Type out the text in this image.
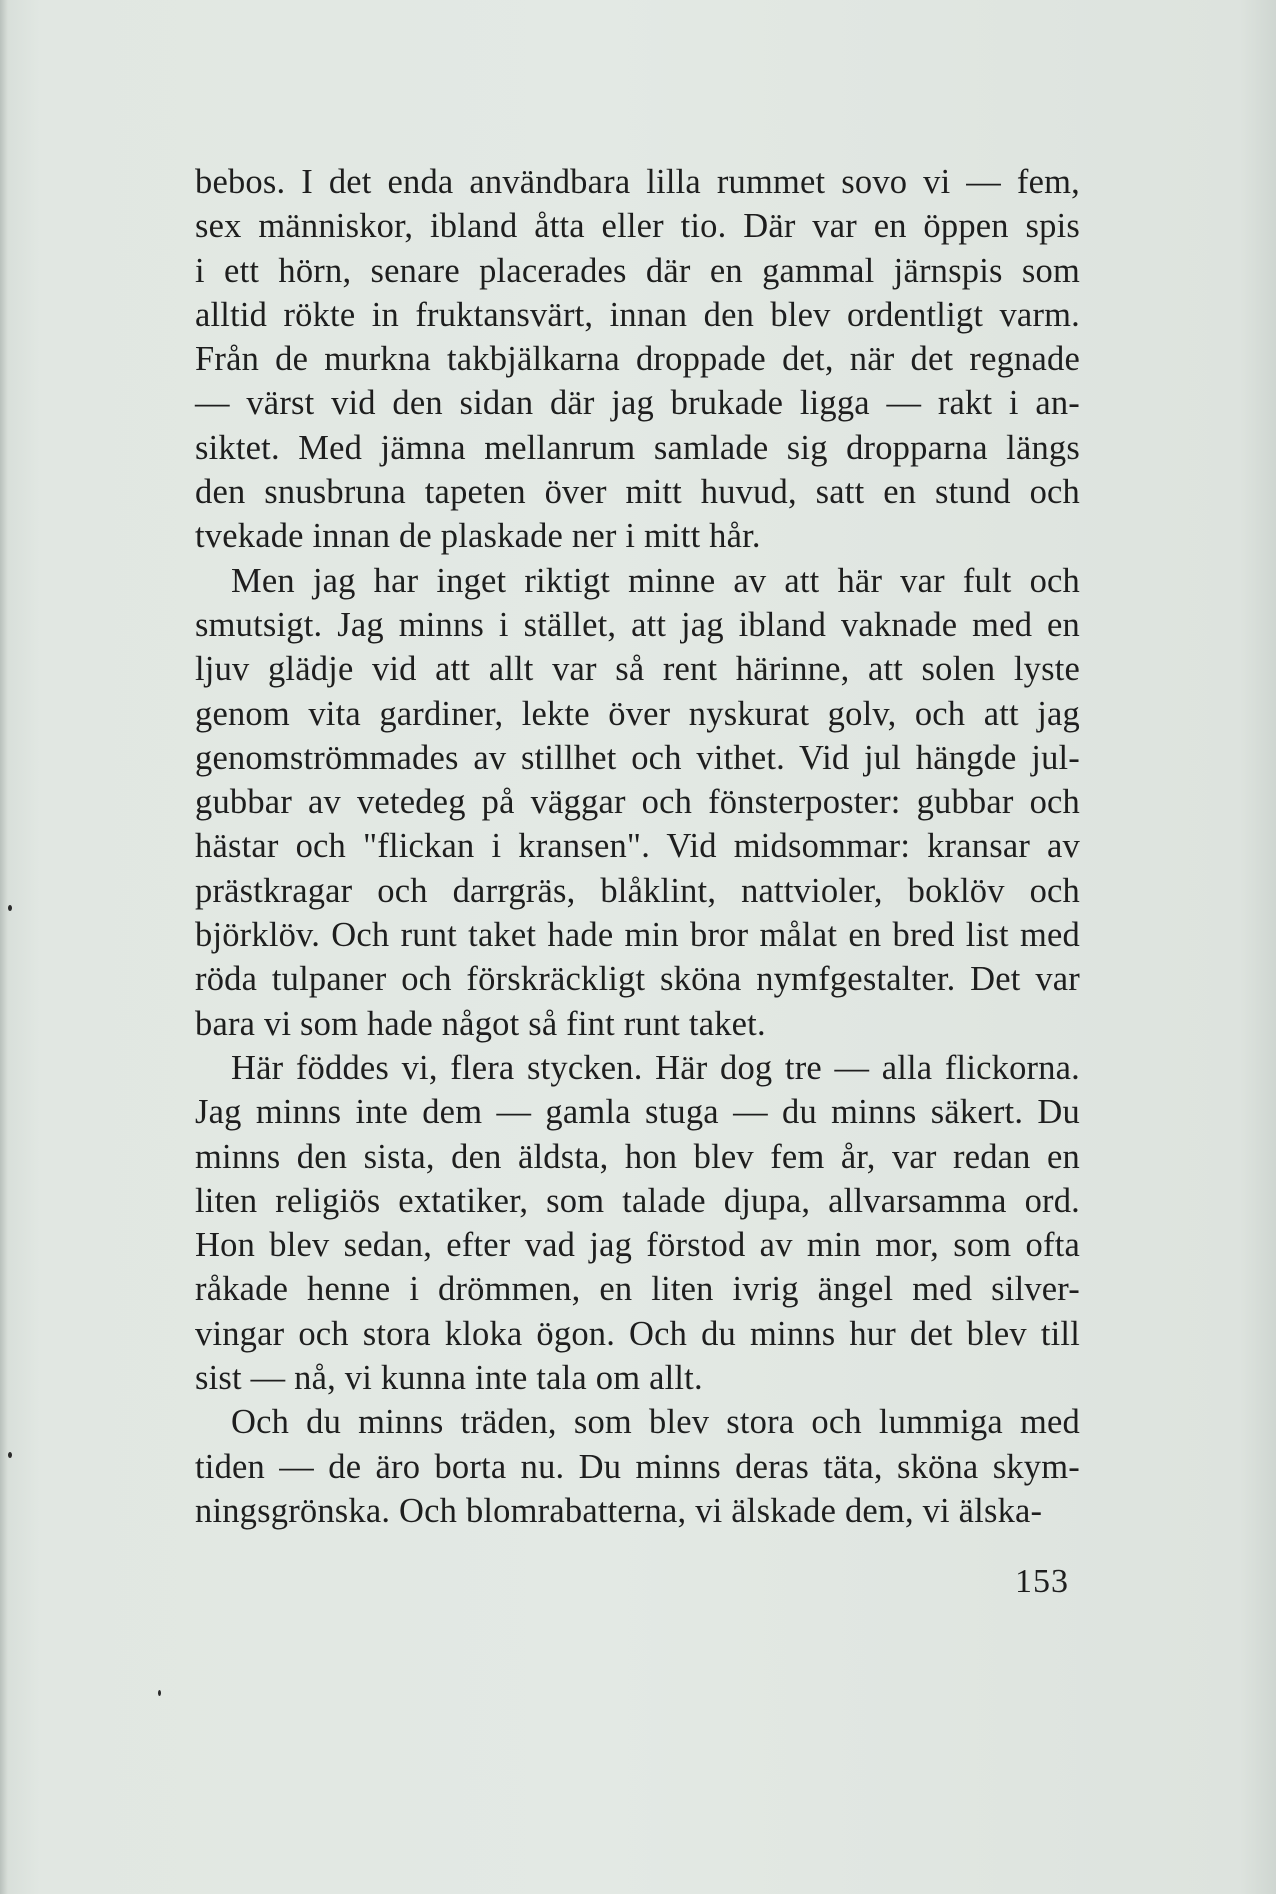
bebos. I det enda användbara lilla rummet sovo vi — fem,
sex människor, ibland åtta eller tio. Där var en öppen spis
i ett hörn, senare placerades där en gammal järnspis som
alltid rökte in fruktansvärt, innan den blev ordentligt varm.
Från de murkna takbjälkarna droppade det, när det regnade
— värst vid den sidan där jag brukade ligga — rakt i an-
siktet. Med jämna mellanrum samlade sig dropparna längs
den snusbruna tapeten över mitt huvud, satt en stund och
tvekade innan de plaskade ner i mitt hår.
Men jag har inget riktigt minne av att här var fult och
smutsigt. Jag minns i stället, att jag ibland vaknade med en
ljuv glädje vid att allt var så rent härinne, att solen lyste
genom vita gardiner, lekte över nyskurat golv, och att jag
genomströmmades av stillhet och vithet. Vid jul hängde jul-
gubbar av vetedeg på väggar och fönsterposter: gubbar och
hästar och "flickan i kransen". Vid midsommar: kransar av
prästkragar och darrgräs, blåklint, nattvioler, boklöv och
björklöv. Och runt taket hade min bror målat en bred list med
röda tulpaner och förskräckligt sköna nymfgestalter. Det var
bara vi som hade något så fint runt taket.
Här föddes vi, flera stycken. Här dog tre — alla flickorna.
Jag minns inte dem — gamla stuga — du minns säkert. Du
minns den sista, den äldsta, hon blev fem år, var redan en
liten religiös extatiker, som talade djupa, allvarsamma ord.
Hon blev sedan, efter vad jag förstod av min mor, som ofta
råkade henne i drömmen, en liten ivrig ängel med silver-
vingar och stora kloka ögon. Och du minns hur det blev till
sist — nå, vi kunna inte tala om allt.
Och du minns träden, som blev stora och lummiga med
tiden — de äro borta nu. Du minns deras täta, sköna skym-
ningsgrönska. Och blomrabatterna, vi älskade dem, vi älska-
153
